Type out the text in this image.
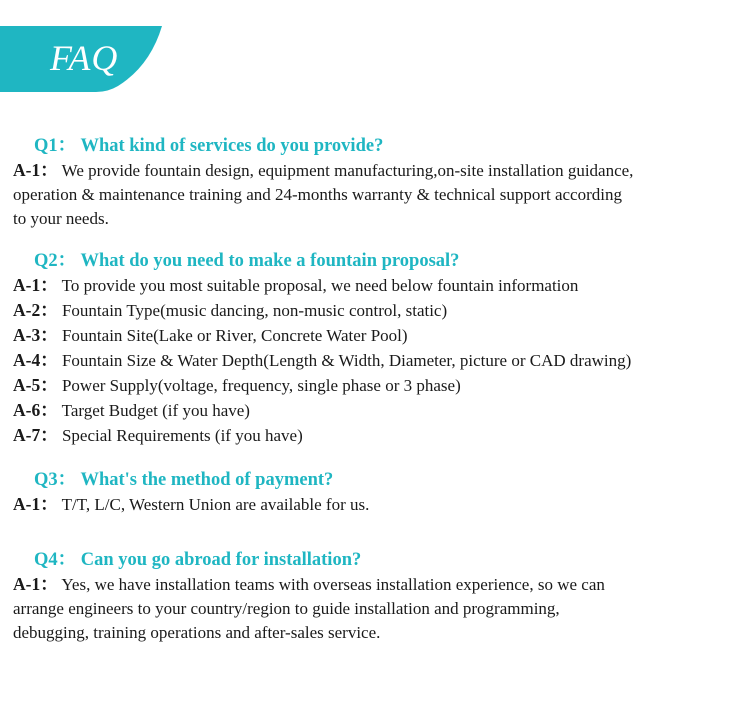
FAQ
Q1： What kind of services do you provide?
A-1： We provide fountain design, equipment manufacturing,on-site installation guidance,
operation & maintenance training and 24-months warranty & technical support according
to your needs.
Q2： What do you need to make a fountain proposal?
A-1： To provide you most suitable proposal, we need below fountain information
A-2： Fountain Type(music dancing, non-music control, static)
A-3： Fountain Site(Lake or River, Concrete Water Pool)
A-4： Fountain Size & Water Depth(Length & Width, Diameter, picture or CAD drawing)
A-5： Power Supply(voltage, frequency, single phase or 3 phase)
A-6： Target Budget (if you have)
A-7： Special Requirements (if you have)
Q3： What's the method of payment?
A-1： T/T, L/C, Western Union are available for us.
Q4： Can you go abroad for installation?
A-1： Yes, we have installation teams with overseas installation experience, so we can
arrange engineers to your country/region to guide installation and programming,
debugging, training operations and after-sales service.
